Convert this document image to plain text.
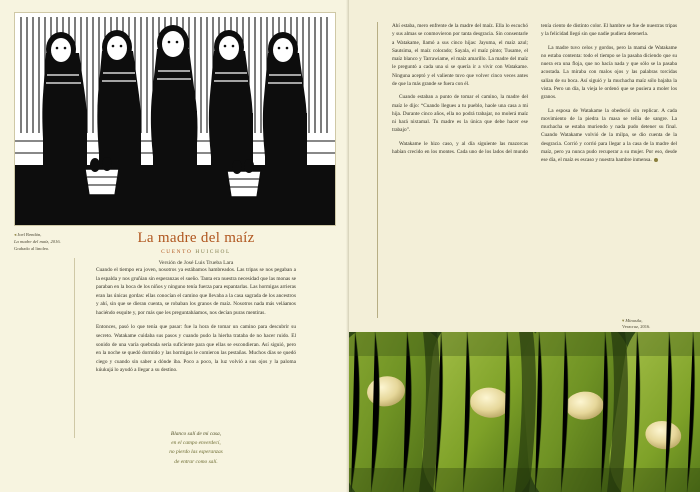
◂ Joel Rendón,
La madre del maíz, 2016.
Grabado al linoleo.
La madre del maíz
CUENTO HUICHOL
Versión de José Luis Trueba Lara

Cuando el tiempo era joven, nosotros ya estábamos hambreados. Las tripas se nos pegaban a la espalda y nos gruñían sin esperanzas el sueño. Tanta era nuestra necesidad que las monas se paraban en la boca de los niños y ninguno tenía fuerza para espantarlas. Las hormigas arrieras eran las únicas gordas: ellas conocían el camino que llevaba a la casa sagrada de los ancestros y ahí, sin que se dieran cuenta, se robaban los granos de maíz. Nosotros nada más veláamos haciéndo esquite y, por más que les preguntabáamos, nos decían puras mentiras.

Entonces, pasó lo que tenía que pasar: fue la hora de tomar un camino para descubrir su secreto. Watakame cuidaba sus pasos y cuando pudo la hierba trataba de no hacer ruido. El sonido de una varía quebrada sería suficiente para que ellas se escondieran. Así siguió, pero en la noche se quedó dormido y las hormigas le comieron las pestañas. Muchos días se quedó ciego y cuando sin saber a dónde iba. Poco a poco, la luz volvió a sus ojos y la paloma kúukujá lo ayudó a llegar a su destino.

Blanco salí de mi casa,
en el campo enverdecí,
no pierdo las esperanzas
de entrar como salí.

Ahí estaba, mero enfrente de la madre del maíz. Ella lo escuchó y sus almas se conmovieron por tanta desgracia. Sin consentarle a Watakame, llamó a sus cinco hijas: Jayuma, el maíz azul; Sautsima, el maíz colorado; Sayala, el maíz pinto; Tusame, el maíz blanco y Tarrawiame, el maíz amarillo. La madre del maíz le preguntó a cada una si se quería ir a vivir con Watakame. Ninguna aceptó y el valiente tuvo que volver cinco veces antes de que la más grande se fuera con él.

Cuando estaban a punto de tomar el camino, la madre del maíz le dijo: “Cuando llegues a tu pueblo, haole una casa a mi hija. Durante cinco años, ella no podrá trabajar, no molerá maíz ni hará nixtamal. Tu madre es la única que debe hacer ese trabajo”.

Watakame le hizo caso, y al día siguiente las mazorcas habían crecido en los montes. Cada uno de los lados del mundo tenía ciento de distinto color. El hambre se fue de nuestras tripas y la felicidad llegó sin que nadie pudiera detenerla.

La madre tuvo celos y gordos, pero la mamá de Watakame no estaba contenta: todo el tiempo se la pasaba diciendo que su nuera era una floja, que no hacía nada y que sólo se la pasaba acostada. La miraba con malos ojos y las palabras torcidas salían de su boca. Así siguió y la muchacha maíz sólo bajaba la vista. Pero un día, la vieja le ordenó que se pusiera a moler los granos.

La esposa de Watakame la obedeció sin replicar. A cada movimiento de la piedra la masa se teñía de sangre. La muchacha se estaba muriendo y nada pudo detener su final. Cuando Watakame volvió de la milpa, se dio cuenta de la desgracia. Corrió y corrió para llegar a la casa de la madre del maíz, pero ya nunca pudo recuperar a su mujer. Por eso, desde ese día, el maíz es escaso y nuestra hambre inmensa.

▾ Minustla,
Veracruz, 2016.
